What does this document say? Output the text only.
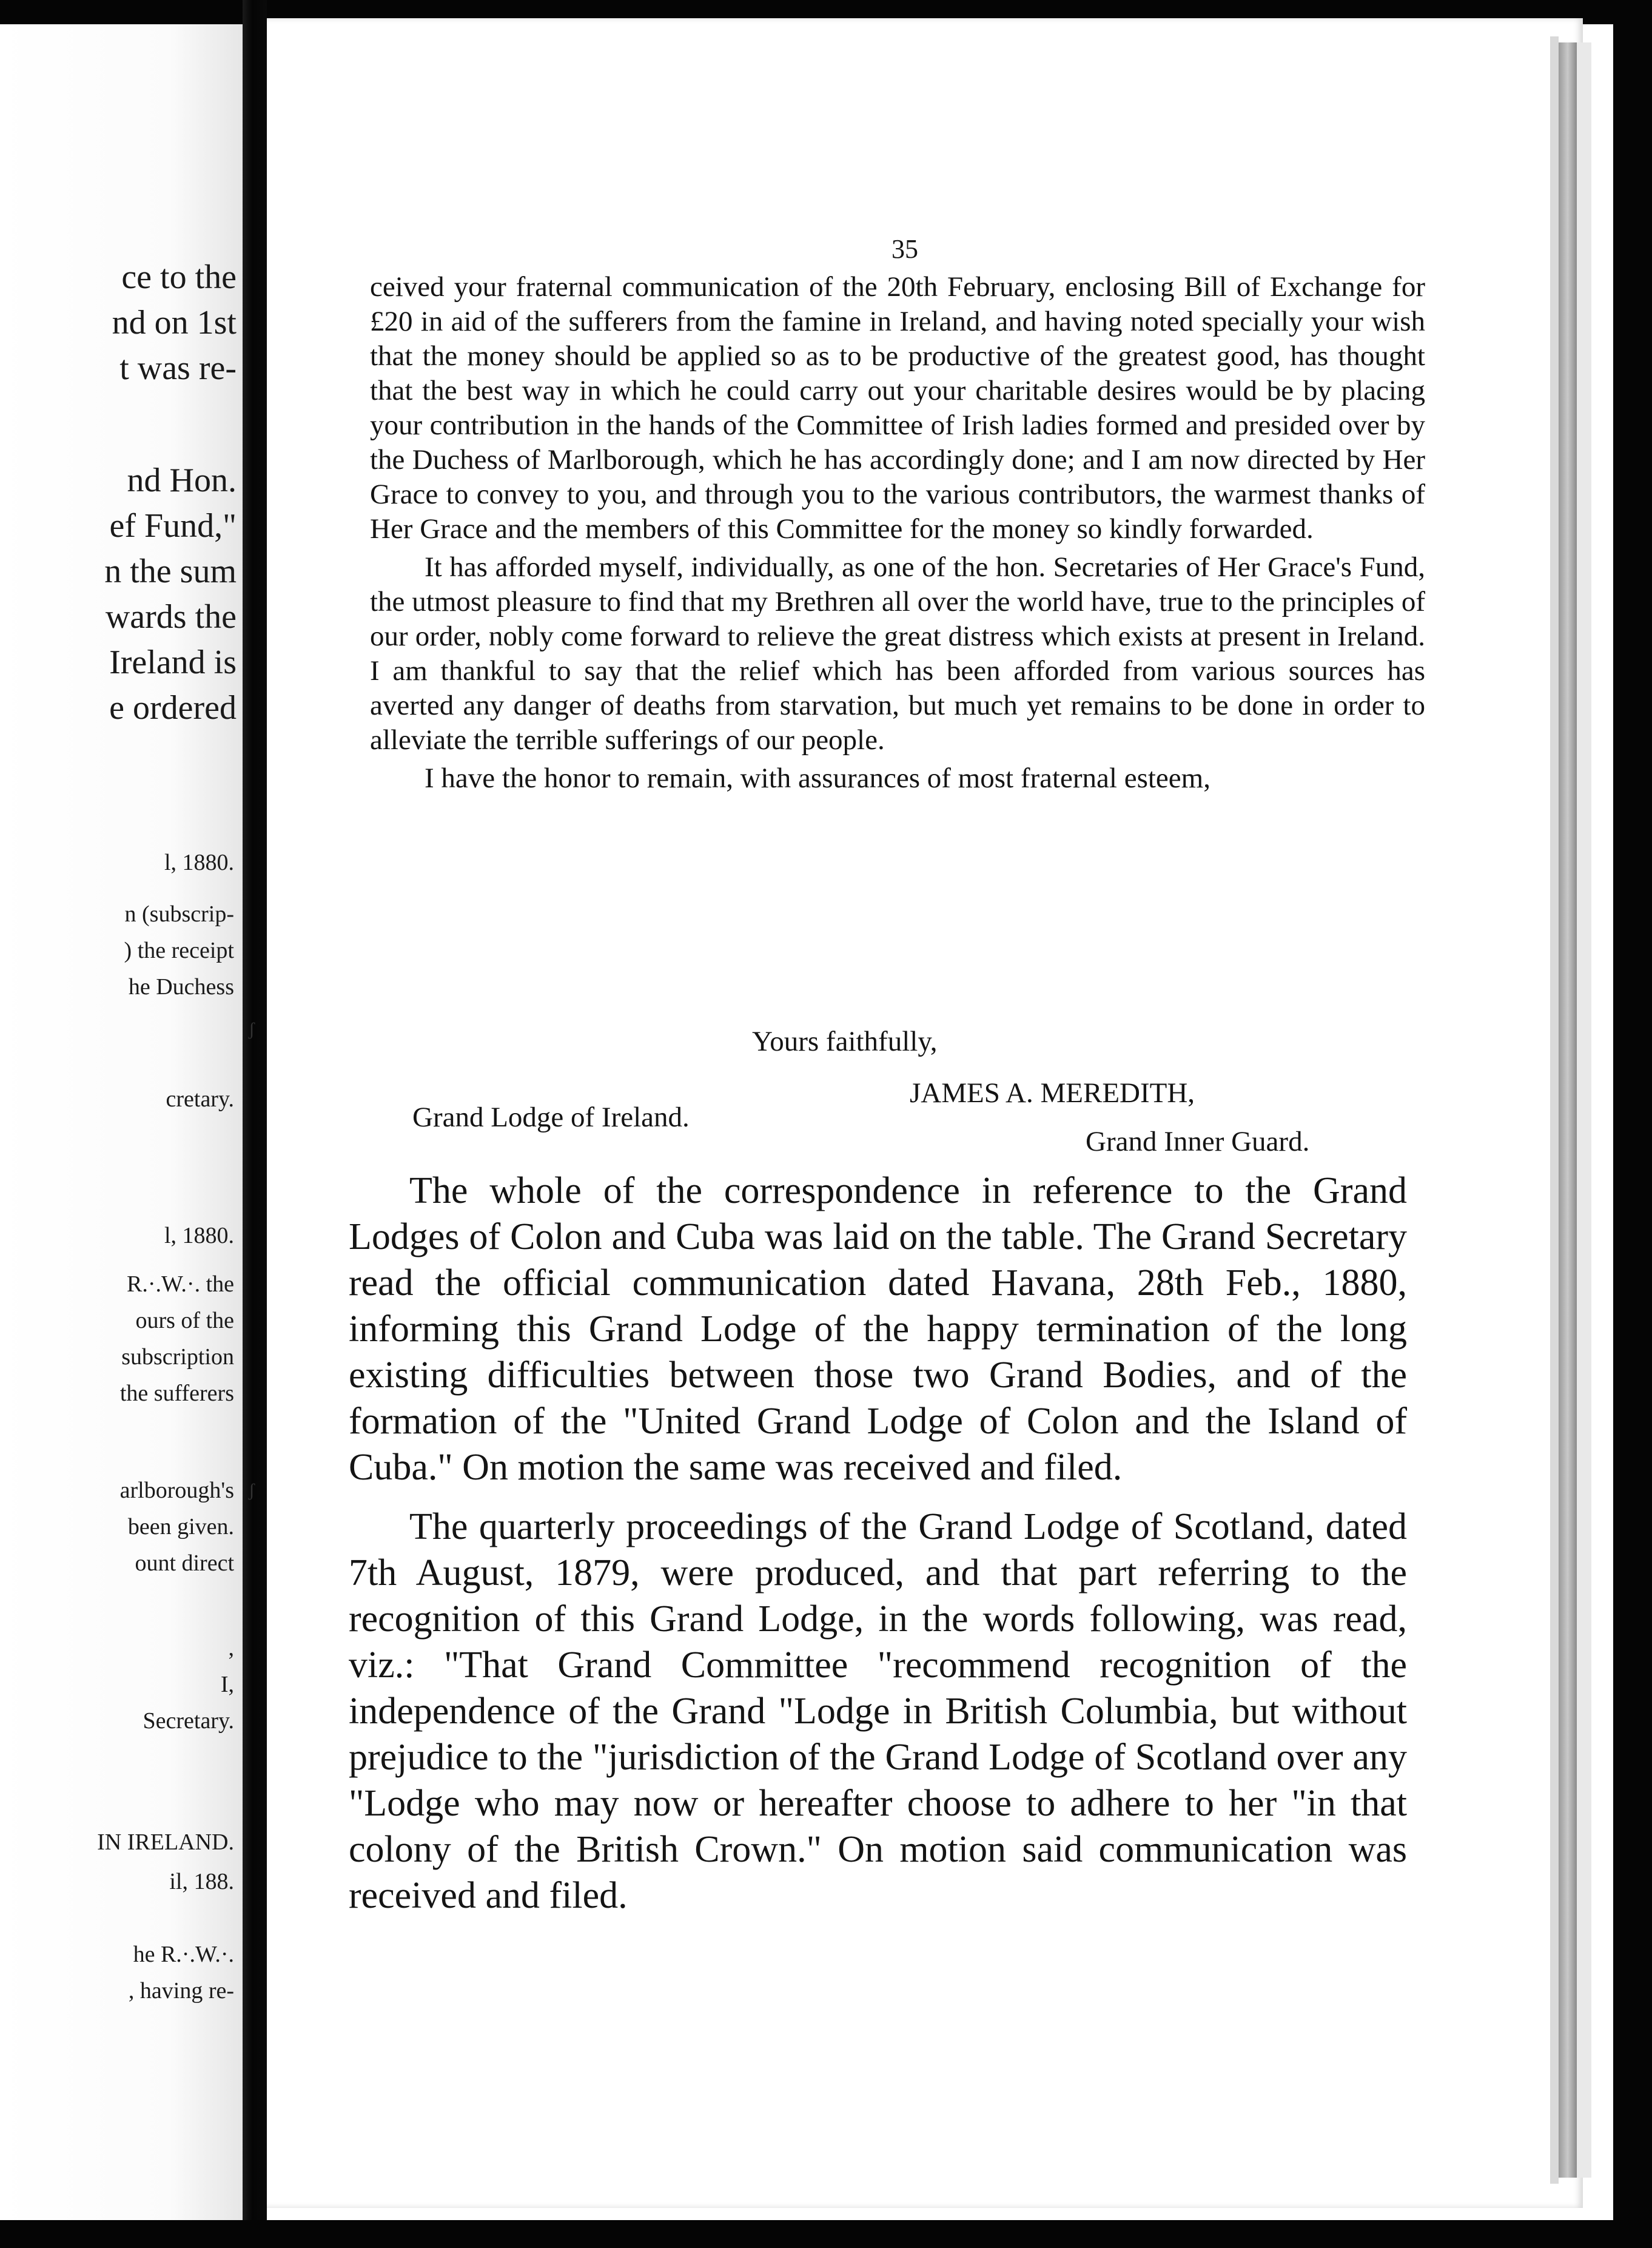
ce to the
nd on 1st
t was re-
nd Hon.
ef Fund,"
n the sum
wards the
Ireland is
e ordered
l, 1880.
n (subscrip-
) the receipt
he Duchess
cretary.
l, 1880.
R.·.W.·. the
ours of the
subscription
the sufferers
arlborough's
been given.
ount direct
,
I,
Secretary.
IN IRELAND.
il, 188.
he R.·.W.·.
, having re-
35

ceived your fraternal communication of the 20th February, enclosing Bill of Exchange for £20 in aid of the sufferers from the famine in Ireland, and having noted specially your wish that the money should be applied so as to be productive of the greatest good, has thought that the best way in which he could carry out your charitable desires would be by placing your contribution in the hands of the Committee of Irish ladies formed and presided over by the Duchess of Marlborough, which he has accordingly done; and I am now directed by Her Grace to convey to you, and through you to the various contributors, the warmest thanks of Her Grace and the members of this Committee for the money so kindly forwarded.

It has afforded myself, individually, as one of the hon. Secretaries of Her Grace's Fund, the utmost pleasure to find that my Brethren all over the world have, true to the principles of our order, nobly come forward to relieve the great distress which exists at present in Ireland. I am thankful to say that the relief which has been afforded from various sources has averted any danger of deaths from starvation, but much yet remains to be done in order to alleviate the terrible sufferings of our people.

I have the honor to remain, with assurances of most fraternal esteem,

Yours faithfully,
JAMES A. MEREDITH,
Grand Lodge of Ireland.
Grand Inner Guard.

The whole of the correspondence in reference to the Grand Lodges of Colon and Cuba was laid on the table. The Grand Secretary read the official communication dated Havana, 28th Feb., 1880, informing this Grand Lodge of the happy termination of the long existing difficulties between those two Grand Bodies, and of the formation of the "United Grand Lodge of Colon and the Island of Cuba." On motion the same was received and filed.

The quarterly proceedings of the Grand Lodge of Scotland, dated 7th August, 1879, were produced, and that part referring to the recognition of this Grand Lodge, in the words following, was read, viz.: "That Grand Committee "recommend recognition of the independence of the Grand "Lodge in British Columbia, but without prejudice to the "jurisdiction of the Grand Lodge of Scotland over any "Lodge who may now or hereafter choose to adhere to her "in that colony of the British Crown." On motion said communication was received and filed.

ʃ
ʃ
